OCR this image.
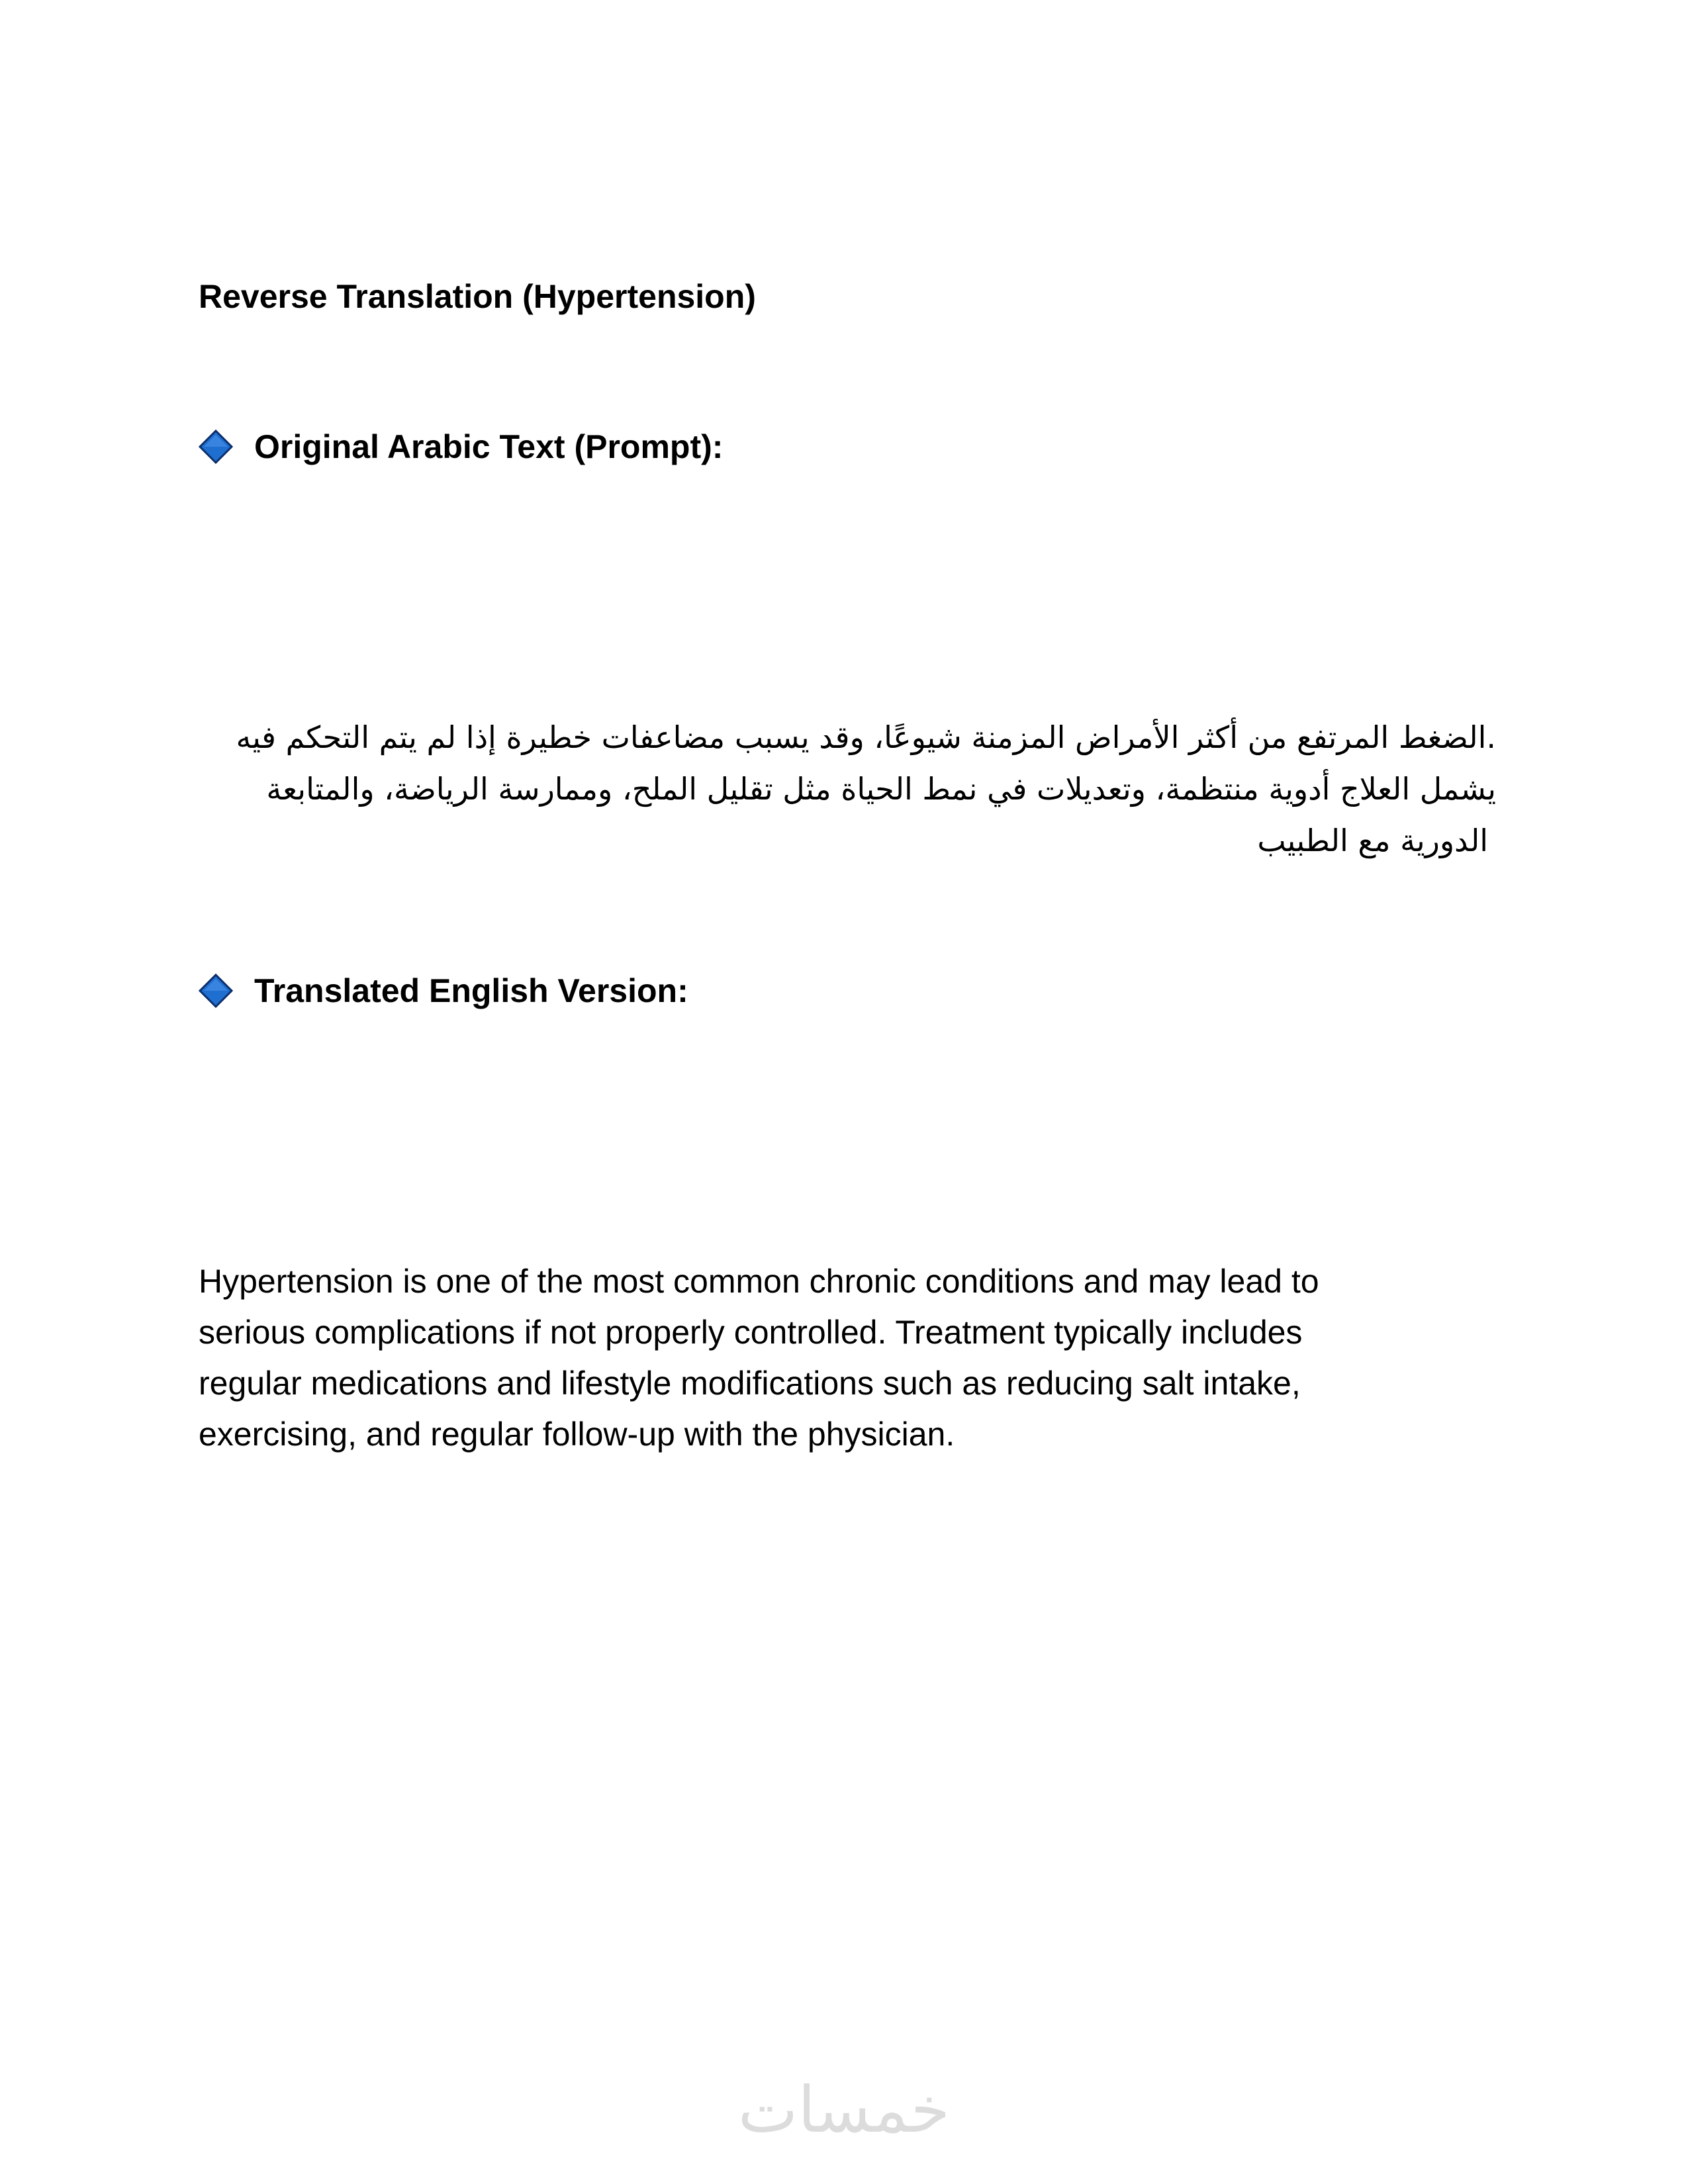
Reverse Translation (Hypertension)
Original Arabic Text (Prompt):
.الضغط المرتفع من أكثر الأمراض المزمنة شيوعًا، وقد يسبب مضاعفات خطيرة إذا لم يتم التحكم فيه
يشمل العلاج أدوية منتظمة، وتعديلات في نمط الحياة مثل تقليل الملح، وممارسة الرياضة، والمتابعة
الدورية مع الطبيب
Translated English Version:
Hypertension is one of the most common chronic conditions and may lead to
serious complications if not properly controlled. Treatment typically includes
regular medications and lifestyle modifications such as reducing salt intake,
exercising, and regular follow-up with the physician.
خمسات
